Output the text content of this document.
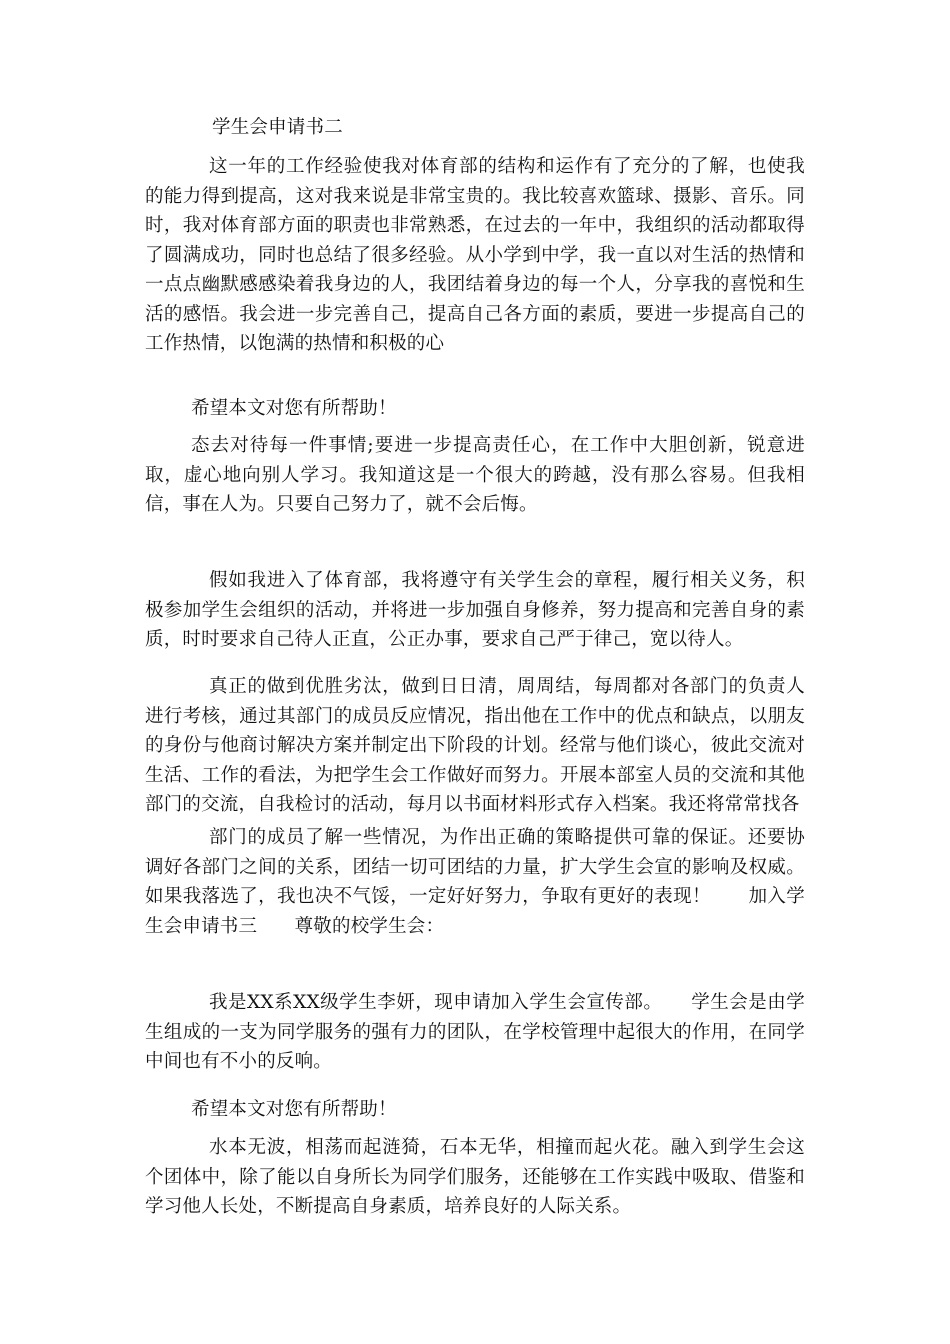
学生会申请书二

这一年的工作经验使我对体育部的结构和运作有了充分的了解，也使我的能力得到提高，这对我来说是非常宝贵的。我比较喜欢篮球、摄影、音乐。同时，我对体育部方面的职责也非常熟悉，在过去的一年中，我组织的活动都取得了圆满成功，同时也总结了很多经验。从小学到中学，我一直以对生活的热情和一点点幽默感感染着我身边的人，我团结着身边的每一个人，分享我的喜悦和生活的感悟。我会进一步完善自己，提高自己各方面的素质，要进一步提高自己的工作热情，以饱满的热情和积极的心

希望本文对您有所帮助！

态去对待每一件事情;要进一步提高责任心，在工作中大胆创新，锐意进取，虚心地向别人学习。我知道这是一个很大的跨越，没有那么容易。但我相信，事在人为。只要自己努力了，就不会后悔。

假如我进入了体育部，我将遵守有关学生会的章程，履行相关义务，积极参加学生会组织的活动，并将进一步加强自身修养，努力提高和完善自身的素质，时时要求自己待人正直，公正办事，要求自己严于律己，宽以待人。

真正的做到优胜劣汰，做到日日清，周周结，每周都对各部门的负责人进行考核，通过其部门的成员反应情况，指出他在工作中的优点和缺点，以朋友的身份与他商讨解决方案并制定出下阶段的计划。经常与他们谈心，彼此交流对生活、工作的看法，为把学生会工作做好而努力。开展本部室人员的交流和其他部门的交流，自我检讨的活动，每月以书面材料形式存入档案。我还将常常找各

部门的成员了解一些情况，为作出正确的策略提供可靠的保证。还要协调好各部门之间的关系，团结一切可团结的力量，扩大学生会宣的影响及权威。如果我落选了，我也决不气馁，一定好好努力，争取有更好的表现！　　加入学生会申请书三　　尊敬的校学生会：

我是XX系XX级学生李妍，现申请加入学生会宣传部。　　学生会是由学生组成的一支为同学服务的强有力的团队，在学校管理中起很大的作用，在同学中间也有不小的反响。

希望本文对您有所帮助！

水本无波，相荡而起涟猗，石本无华，相撞而起火花。融入到学生会这个团体中，除了能以自身所长为同学们服务，还能够在工作实践中吸取、借鉴和学习他人长处，不断提高自身素质，培养良好的人际关系。
